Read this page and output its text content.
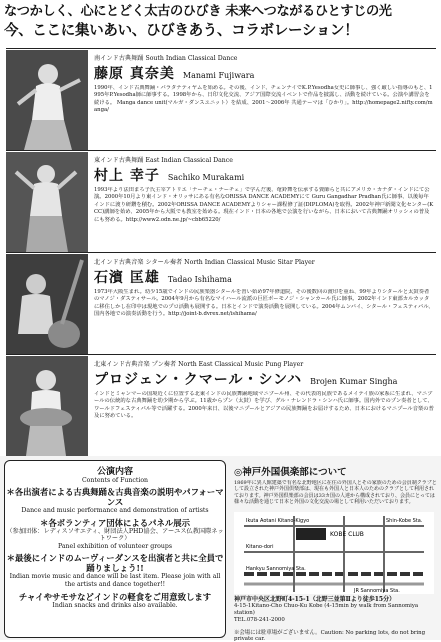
なつかしく、心にとどく太古のひびき 未来へつながるひとすじの光
今、ここに集いあい、ひびきあう、コラボレーション！
南インド古典舞踊 South Indian Classical Dance
藤原 真奈美 Manami Fujiwara
1990年、インド古典舞踊・バラタナティヤムを始める。その後、インド、チェンナイでK.P.Yesodha女史に師事し、強く厳しい指導のもと、1995年P.Yesodha師に師事する。1998年から、日印文化交流、アジア国際交流イベントで作品を披露し、活動を続けている。公演や講習会を続ける。 Manga dance unit(マルガ・ダンスユニット）を結成、2001〜2006年 共通テーマは「ひかり」。http://homepage2.nifty.com/manga/
東インド古典舞踊 East Indian Classical Dance
村上 幸子 Sachiko Murakami
1993年より法田まろ子氏主宰アトリエ「ナーチェ・ナーチェ」で学んだ後、奄鈴舞を伝承する資師らと共にアメリカ・カナダ・インドにて公演。2000年10月より東インド・オリッサにある有名なORISSA DANCE ACADEMYにて Guru Gangadhar Pradhan氏に師事、以後毎年インドに渡り研鑽を積む。2002年ORISSA DANCE ACADEMYよりシャー課程修了証(DIPLOMA)を取得。2002年神戸新聞文化センター(KCC)講師を始め、2005年から大阪でも教室を始める。現在インド・日本の各地で公演を行いながら、日本において古典舞踊オリッシィの普及にも努める。http://www2.odn.ne.jp/~cbb65220/
北インド古典音楽 シタール奏者 North Indian Classical Music Sitar Player
石濱 匡雄 Tadao Ishihama
1973年大阪生まれ。幼少15歳でインドの民族楽器シタールを習い始め97年修道院、その後数回の渡印を重ね、99年よりシタールと太鼓奏者のマノジ・ダスティサール。2004年9月から有名なマイハール流派の巨匠ボーモノジ・シャンカール氏に師事。2002年インド東部カルカッタに移住しかし在印中は現地でのプロ活動も展開する。日本とインドで演奏活動を展開している。2004年ムンバイ、シタール・フェスティバル、国内各地での演奏活動を行う。http://joint-b.dvrex.net/ishihama/
北東インド古典音楽 プン奏者 North East Classical Music Pung Player
プロジェン・クマール・シンハ Brojen Kumar Singha
インドとミャンマーの国境近くに位置する北東インドの民族舞踊地域マニプール州、その代表的民族であるメイテイ族の家系に生まれ、マニプールの伝統的な古典舞踊を幼少期から学ぶ。11歳からプン（太鼓）を学び、グル・ナレンドラ・シンハ氏に師事。国内外でのプン奏者として、ワールドフェスティバル等で活躍する。2000年来日、以後マニプールとアジアの民族舞踊をお届けするため、日本におけるマニプール音楽の普及に努めている。
公演内容
Contents of Function
＊各出演者による古典舞踊＆古典音楽の説明やパフォーマンス
Dance and music performance and demonstration of artists
＊各ボランティア団体によるパネル展示
（参加団体：レディスソサエティ、財団法人PHD協会、アーユス仏教国際ネットワーク）
Panel exhibition of volunteer groups
＊最後にインドのムーヴィーダンスを出演者と共に全員で踊りましょう!!
Indian movie music and dance will be last item. Please join with all the artists and dance together!!
チャイやサモサなどインドの軽食をご用意致します
Indian snacks and drinks also available.
◎神戸外国倶楽部について
1869年に異人館建築で有名な北野地区に在住の外国人とその家族のための会員制クラブとして設立された神戸外国倶楽部は、現在も外国人と日本人のためのクラブとして利用されております。神戸外国倶楽部の会員は33カ国の人達から構成されており、会員にとっては様々な活動を通じて日本と外国の文化交流の場として利用いただいております。
KOBE CLUB
Ikuta Aotani Kitano-Kigyo
Kitano-dori
Shin-Kobe Sta.
Hankyu Sannomiya Sta.
JR Sannomiya Sta.
神戸市中央区北野町4-15-1（北野三並第Ⅱより徒歩15分）
4-15-1Kitano-Cho Chuo-Ku Kobe (4-15min by walk from Sannomiya station)
TEL.078-241-2000
※会場には駐車場がございません。Caution: No parking lots, do not bring private car.
